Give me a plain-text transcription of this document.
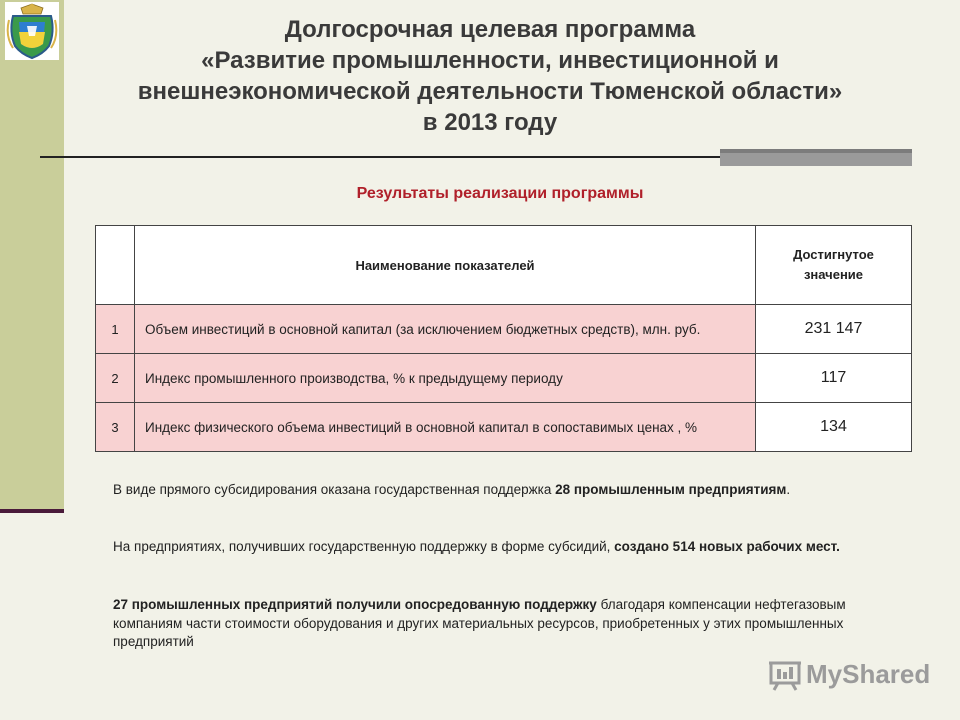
Долгосрочная целевая программа
«Развитие промышленности, инвестиционной и
внешнеэкономической деятельности Тюменской области»
в 2013 году
Результаты реализации программы
	Наименование показателей	Достигнутое
значение

1	Объем инвестиций в основной капитал (за исключением бюджетных средств), млн. руб.	231 147
2	Индекс промышленного производства, % к предыдущему периоду	117
3	Индекс физического объема инвестиций в основной капитал в сопоставимых ценах , %	134
В виде прямого субсидирования оказана государственная поддержка 28 промышленным предприятиям.
На предприятиях, получивших государственную поддержку в форме субсидий, создано 514 новых рабочих мест.
27 промышленных предприятий получили опосредованную поддержку благодаря компенсации нефтегазовым компаниям части стоимости оборудования и других материальных ресурсов, приобретенных у этих промышленных предприятий
MyShared
